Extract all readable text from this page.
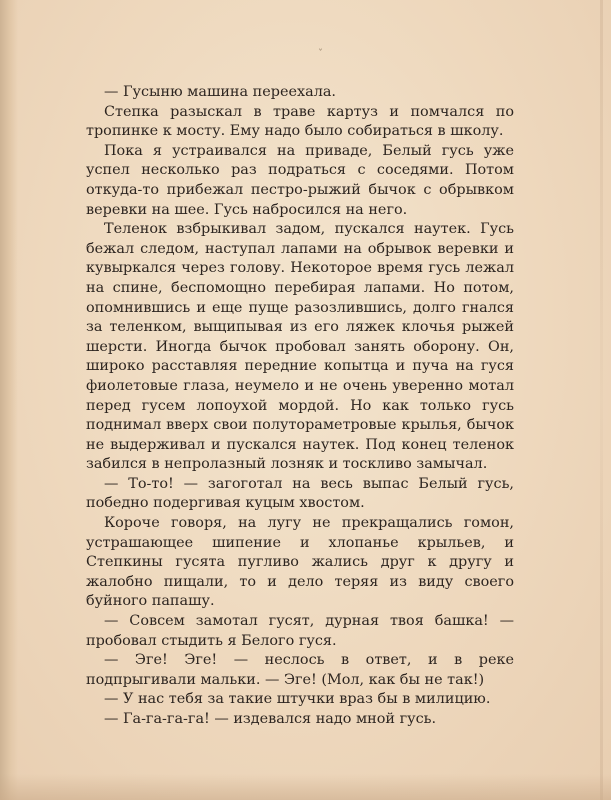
ˇ

— Гусыню машина переехала.

Степка разыскал в траве картуз и помчался по тропинке к мосту. Ему надо было собираться в школу.

Пока я устраивался на приваде, Белый гусь уже успел несколько раз подраться с соседями. Потом откуда-то прибежал пестро-рыжий бычок с обрывком веревки на шее. Гусь набросился на него.

Теленок взбрыкивал задом, пускался наутек. Гусь бежал следом, наступал лапами на обрывок веревки и кувыркался через голову. Некоторое время гусь лежал на спине, беспомощно перебирая лапами. Но потом, опомнившись и еще пуще разозлившись, долго гнался за теленком, выщипывая из его ляжек клочья рыжей шерсти. Иногда бычок пробовал занять оборону. Он, широко расставляя передние копытца и пуча на гуся фиолетовые глаза, неумело и не очень уверенно мотал перед гусем лопоухой мордой. Но как только гусь поднимал вверх свои полутораметровые крылья, бычок не выдерживал и пускался наутек. Под конец теленок забился в непролазный лозняк и тоскливо замычал.

— То-то! — загоготал на весь выпас Белый гусь, победно подергивая куцым хвостом.

Короче говоря, на лугу не прекращались гомон, устрашающее шипение и хлопанье крыльев, и Степкины гусята пугливо жались друг к другу и жалобно пищали, то и дело теряя из виду своего буйного папашу.

— Совсем замотал гусят, дурная твоя башка! — пробовал стыдить я Белого гуся.

— Эге! Эге! — неслось в ответ, и в реке подпрыгивали мальки. — Эге! (Мол, как бы не так!)

— У нас тебя за такие штучки враз бы в милицию.

— Га-га-га-га! — издевался надо мной гусь.
